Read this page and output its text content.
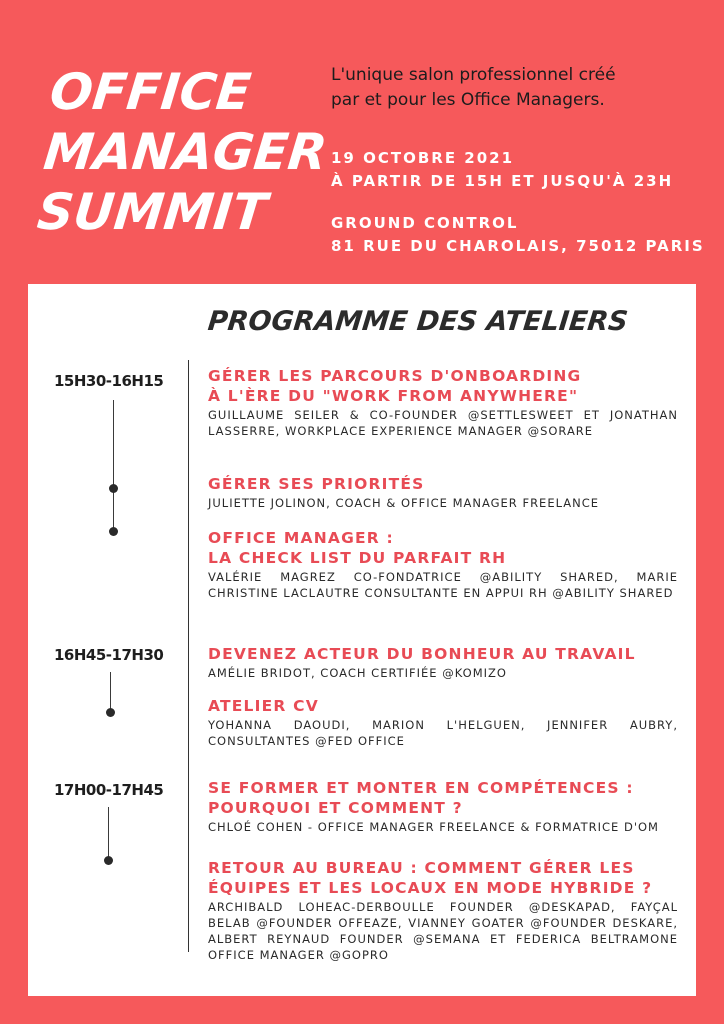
OFFICE
MANAGER
SUMMIT
L'unique salon professionnel créé
par et pour les Office Managers.
19 OCTOBRE 2021
À PARTIR DE 15H ET JUSQU'À 23H
GROUND CONTROL
81 RUE DU CHAROLAIS, 75012 PARIS
PROGRAMME DES ATELIERS
15H30-16H15
16H45-17H30
17H00-17H45
GÉRER LES PARCOURS D'ONBOARDING
À L'ÈRE DU "WORK FROM ANYWHERE"
GUILLAUME SEILER & CO-FOUNDER @SETTLESWEET ET JONATHAN LASSERRE, WORKPLACE EXPERIENCE MANAGER @SORARE
GÉRER SES PRIORITÉS
JULIETTE JOLINON, COACH & OFFICE MANAGER FREELANCE
OFFICE MANAGER :
LA CHECK LIST DU PARFAIT RH
VALÉRIE MAGREZ CO-FONDATRICE @ABILITY SHARED, MARIE CHRISTINE LACLAUTRE CONSULTANTE EN APPUI RH @ABILITY SHARED
DEVENEZ ACTEUR DU BONHEUR AU TRAVAIL
AMÉLIE BRIDOT, COACH CERTIFIÉE @KOMIZO
ATELIER CV
YOHANNA DAOUDI, MARION L'HELGUEN, JENNIFER AUBRY, CONSULTANTES @FED OFFICE
SE FORMER ET MONTER EN COMPÉTENCES :
POURQUOI ET COMMENT ?
CHLOÉ COHEN - OFFICE MANAGER FREELANCE & FORMATRICE D'OM
RETOUR AU BUREAU : COMMENT GÉRER LES
ÉQUIPES ET LES LOCAUX EN MODE HYBRIDE ?
ARCHIBALD LOHEAC-DERBOULLE FOUNDER @DESKAPAD, FAYÇAL BELAB @FOUNDER OFFEAZE, VIANNEY GOATER @FOUNDER DESKARE, ALBERT REYNAUD FOUNDER @SEMANA ET FEDERICA BELTRAMONE OFFICE MANAGER @GOPRO
